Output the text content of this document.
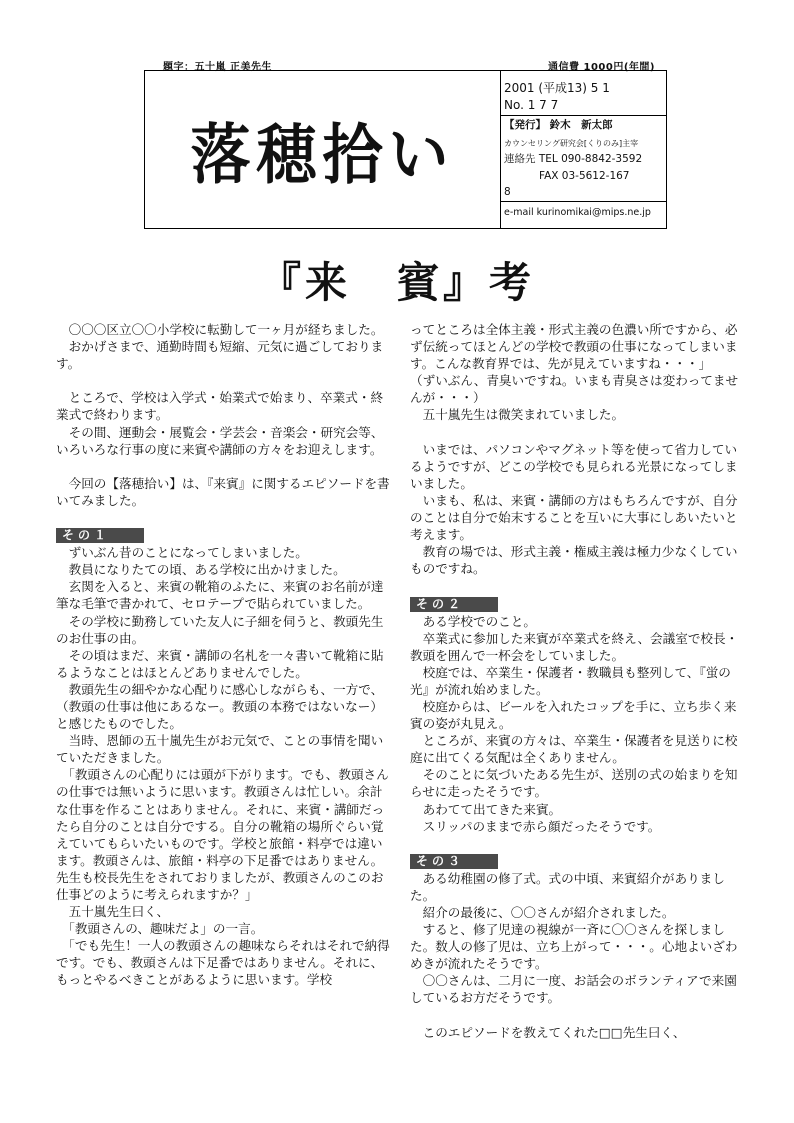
題字：五十嵐 正美先生	通信費 1000円(年間)
落穂拾い
2001 (平成13) 5 1
No. 1 7 7
【発行】 鈴木　新太郎
カウンセリング研究会[くりのみ]主宰
連絡先 TEL 090-8842-3592
FAX 03-5612-167
8
e-mail kurinomikai@mips.ne.jp
『来　賓』考

　〇〇〇区立〇〇小学校に転勤して一ヶ月が経ちました。

　おかげさまで、通勤時間も短縮、元気に過ごしております。

　ところで、学校は入学式・始業式で始まり、卒業式・終業式で終わります。

　その間、運動会・展覧会・学芸会・音楽会・研究会等、いろいろな行事の度に来賓や講師の方々をお迎えします。

　今回の【落穂拾い】は、『来賓』に関するエピソードを書いてみました。

その１

　ずいぶん昔のことになってしまいました。

　教員になりたての頃、ある学校に出かけました。

　玄関を入ると、来賓の靴箱のふたに、来賓のお名前が達筆な毛筆で書かれて、セロテープで貼られていました。

　その学校に勤務していた友人に子細を伺うと、教頭先生のお仕事の由。

　その頃はまだ、来賓・講師の名札を一々書いて靴箱に貼るようなことはほとんどありませんでした。

　教頭先生の細やかな心配りに感心しながらも、一方で、（教頭の仕事は他にあるなー。教頭の本務ではないなー）と感じたものでした。

　当時、恩師の五十嵐先生がお元気で、ことの事情を聞いていただきました。

　「教頭さんの心配りには頭が下がります。でも、教頭さんの仕事では無いように思います。教頭さんは忙しい。余計な仕事を作ることはありません。それに、来賓・講師だったら自分のことは自分でする。自分の靴箱の場所ぐらい覚えていてもらいたいものです。学校と旅館・料亭では違います。教頭さんは、旅館・料亭の下足番ではありません。先生も校長先生をされておりましたが、教頭さんのこのお仕事どのように考えられますか？」

　五十嵐先生曰く、

　「教頭さんの、趣味だよ」の一言。

　「でも先生！一人の教頭さんの趣味ならそれはそれで納得です。でも、教頭さんは下足番ではありません。それに、もっとやるべきことがあるように思います。学校

ってところは全体主義・形式主義の色濃い所ですから、必ず伝統ってほとんどの学校で教頭の仕事になってしまいます。こんな教育界では、先が見えていますね・・・」

（ずいぶん、青臭いですね。いまも青臭さは変わってませんが・・・）

　五十嵐先生は微笑まれていました。

　いまでは、パソコンやマグネット等を使って省力しているようですが、どこの学校でも見られる光景になってしまいました。

　いまも、私は、来賓・講師の方はもちろんですが、自分のことは自分で始末することを互いに大事にしあいたいと考えます。

　教育の場では、形式主義・権威主義は極力少なくしていものですね。

その２

　ある学校でのこと。

　卒業式に参加した来賓が卒業式を終え、会議室で校長・教頭を囲んで一杯会をしていました。

　校庭では、卒業生・保護者・教職員も整列して、『蛍の光』が流れ始めました。

　校庭からは、ビールを入れたコップを手に、立ち歩く来賓の姿が丸見え。

　ところが、来賓の方々は、卒業生・保護者を見送りに校庭に出てくる気配は全くありません。

　そのことに気づいたある先生が、送別の式の始まりを知らせに走ったそうです。

　あわてて出てきた来賓。

　スリッパのままで赤ら顔だったそうです。

その３

　ある幼稚園の修了式。式の中頃、来賓紹介がありました。

　紹介の最後に、〇〇さんが紹介されました。

　すると、修了児達の視線が一斉に〇〇さんを探しました。数人の修了児は、立ち上がって・・・。心地よいざわめきが流れたそうです。

　〇〇さんは、二月に一度、お話会のボランティアで来園しているお方だそうです。

　このエピソードを教えてくれた□□先生曰く、
